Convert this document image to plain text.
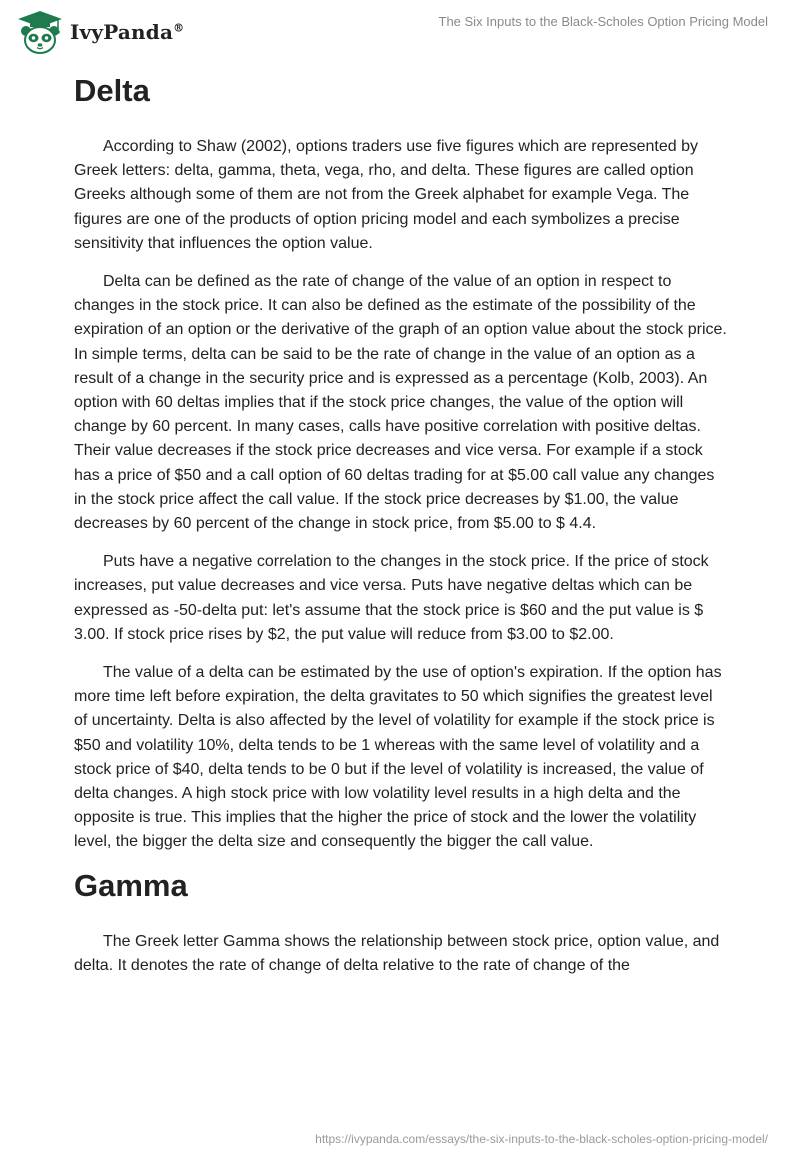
IvyPanda®	The Six Inputs to the Black-Scholes Option Pricing Model
Delta

According to Shaw (2002), options traders use five figures which are represented by Greek letters: delta, gamma, theta, vega, rho, and delta. These figures are called option Greeks although some of them are not from the Greek alphabet for example Vega. The figures are one of the products of option pricing model and each symbolizes a precise sensitivity that influences the option value.

Delta can be defined as the rate of change of the value of an option in respect to changes in the stock price. It can also be defined as the estimate of the possibility of the expiration of an option or the derivative of the graph of an option value about the stock price. In simple terms, delta can be said to be the rate of change in the value of an option as a result of a change in the security price and is expressed as a percentage (Kolb, 2003). An option with 60 deltas implies that if the stock price changes, the value of the option will change by 60 percent. In many cases, calls have positive correlation with positive deltas. Their value decreases if the stock price decreases and vice versa. For example if a stock has a price of $50 and a call option of 60 deltas trading for at $5.00 call value any changes in the stock price affect the call value. If the stock price decreases by $1.00, the value decreases by 60 percent of the change in stock price, from $5.00 to $ 4.4.

Puts have a negative correlation to the changes in the stock price. If the price of stock increases, put value decreases and vice versa. Puts have negative deltas which can be expressed as -50-delta put: let's assume that the stock price is $60 and the put value is $ 3.00. If stock price rises by $2, the put value will reduce from $3.00 to $2.00.

The value of a delta can be estimated by the use of option's expiration. If the option has more time left before expiration, the delta gravitates to 50 which signifies the greatest level of uncertainty. Delta is also affected by the level of volatility for example if the stock price is $50 and volatility 10%, delta tends to be 1 whereas with the same level of volatility and a stock price of $40, delta tends to be 0 but if the level of volatility is increased, the value of delta changes. A high stock price with low volatility level results in a high delta and the opposite is true. This implies that the higher the price of stock and the lower the volatility level, the bigger the delta size and consequently the bigger the call value.

Gamma

The Greek letter Gamma shows the relationship between stock price, option value, and delta. It denotes the rate of change of delta relative to the rate of change of the

https://ivypanda.com/essays/the-six-inputs-to-the-black-scholes-option-pricing-model/
